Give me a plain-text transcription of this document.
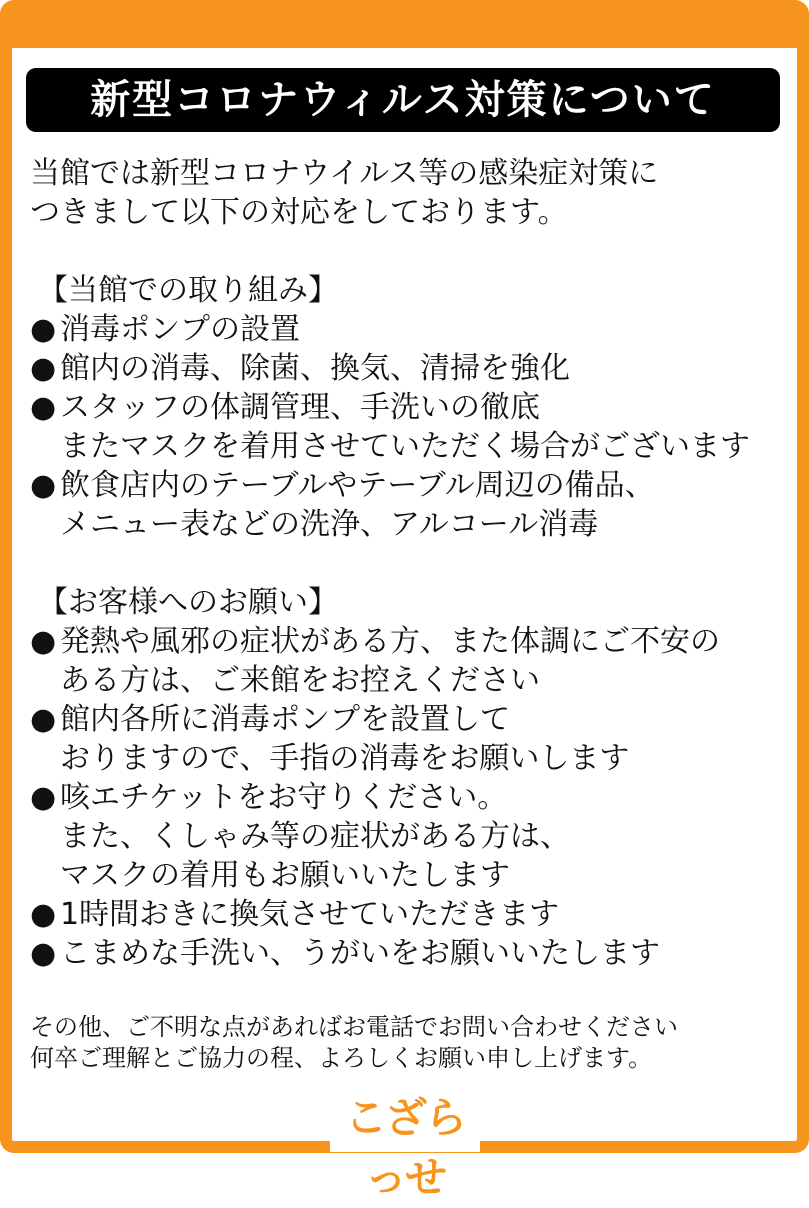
新型コロナウィルス対策について

当館では新型コロナウイルス等の感染症対策に

つきまして以下の対応をしております。

【当館での取り組み】

● 消毒ポンプの設置
● 館内の消毒、除菌、換気、清掃を強化
● スタッフの体調管理、手洗いの徹底
またマスクを着用させていただく場合がございます
● 飲食店内のテーブルやテーブル周辺の備品、
メニュー表などの洗浄、アルコール消毒

【お客様へのお願い】

● 発熱や風邪の症状がある方、また体調にご不安の
ある方は、ご来館をお控えください
● 館内各所に消毒ポンプを設置して
おりますので、手指の消毒をお願いします
● 咳エチケットをお守りください。
また、くしゃみ等の症状がある方は、
マスクの着用もお願いいたします
● 1時間おきに換気させていただきます
● こまめな手洗い、うがいをお願いいたします
その他、ご不明な点があればお電話でお問い合わせください
何卒ご理解とご協力の程、よろしくお願い申し上げます。
こざらっせ
